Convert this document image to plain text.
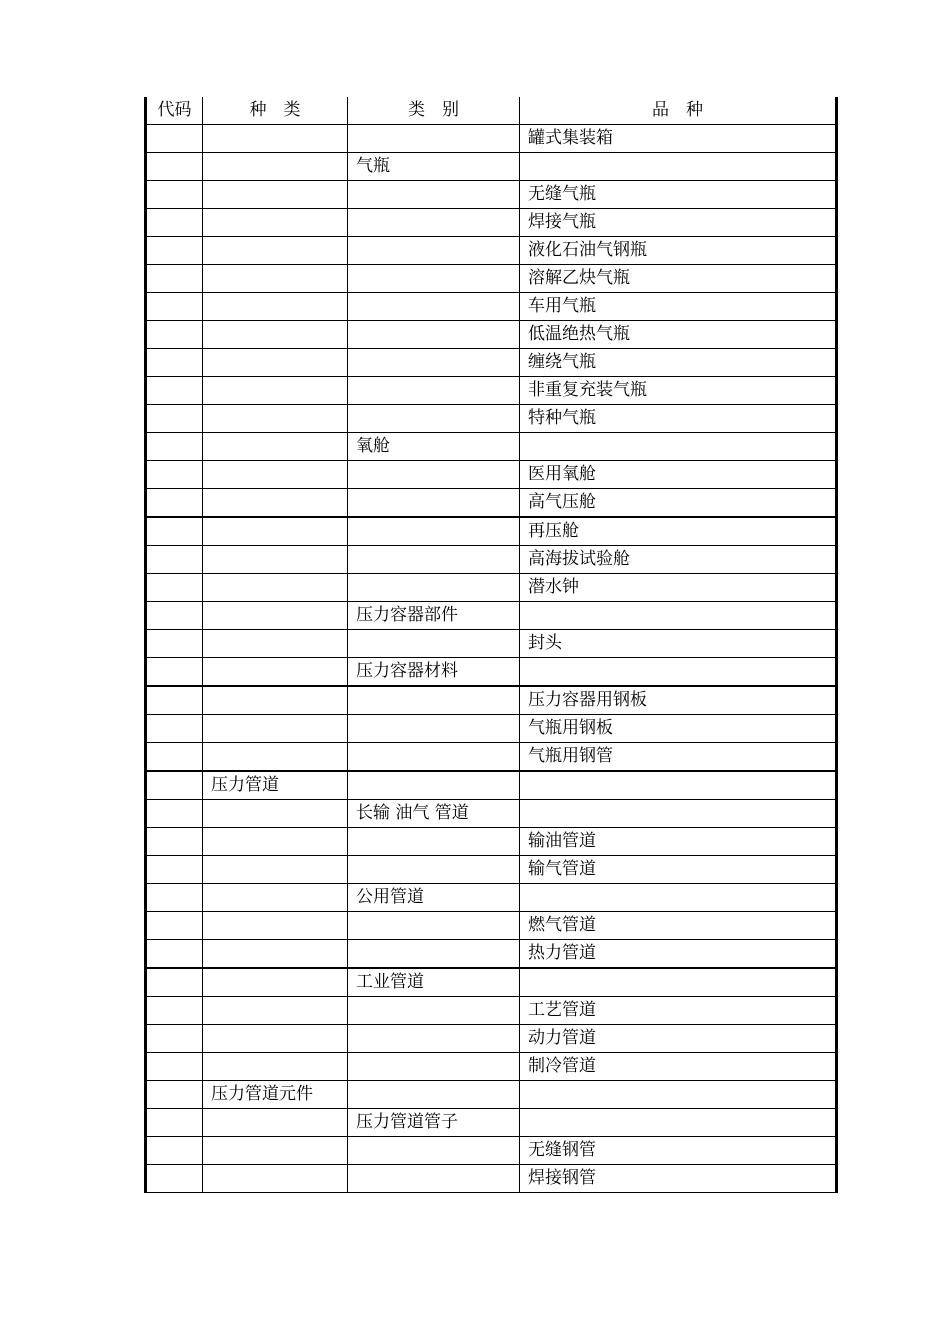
代码	种　类	类　别	品　种
			罐式集装箱
		气瓶	
			无缝气瓶
			焊接气瓶
			液化石油气钢瓶
			溶解乙炔气瓶
			车用气瓶
			低温绝热气瓶
			缠绕气瓶
			非重复充装气瓶
			特种气瓶
		氧舱	
			医用氧舱
			高气压舱
			再压舱
			高海拔试验舱
			潜水钟
		压力容器部件	
			封头
		压力容器材料	
			压力容器用钢板
			气瓶用钢板
			气瓶用钢管
	压力管道		
		长输 油气 管道	
			输油管道
			输气管道
		公用管道	
			燃气管道
			热力管道
		工业管道	
			工艺管道
			动力管道
			制冷管道
	压力管道元件		
		压力管道管子	
			无缝钢管
			焊接钢管
